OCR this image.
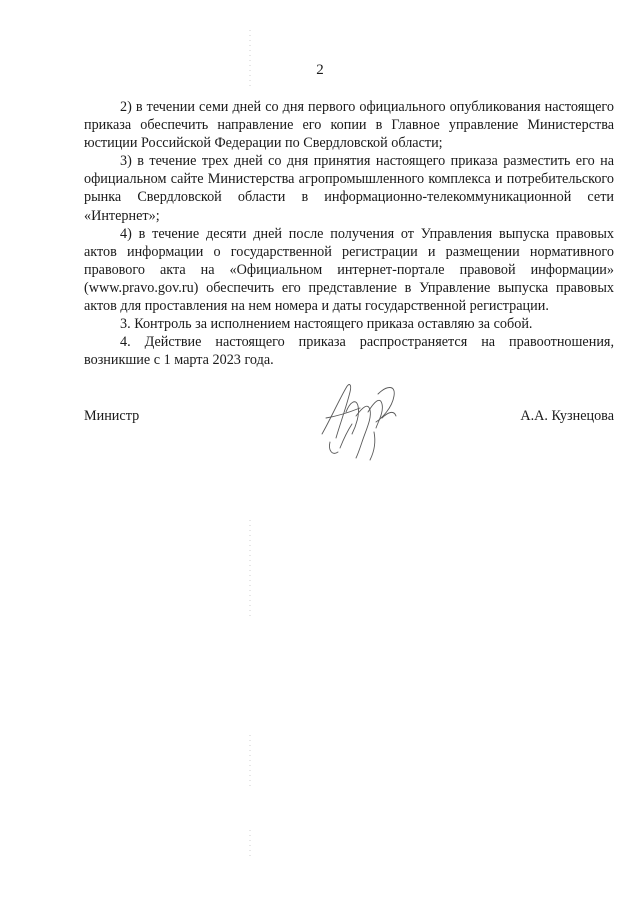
2

2) в течении семи дней со дня первого официального опубликования настоящего приказа обеспечить направление его копии в Главное управление Министерства юстиции Российской Федерации по Свердловской области;

3) в течение трех дней со дня принятия настоящего приказа разместить его на официальном сайте Министерства агропромышленного комплекса и потребительского рынка Свердловской области в информационно-телекоммуникационной сети «Интернет»;

4) в течение десяти дней после получения от Управления выпуска правовых актов информации о государственной регистрации и размещении нормативного правового акта на «Официальном интернет-портале правовой информации» (www.pravo.gov.ru) обеспечить его представление в Управление выпуска правовых актов для проставления на нем номера и даты государственной регистрации.

3. Контроль за исполнением настоящего приказа оставляю за собой.

4. Действие настоящего приказа распространяется на правоотношения, возникшие с 1 марта 2023 года.

Министр	А.А. Кузнецова
